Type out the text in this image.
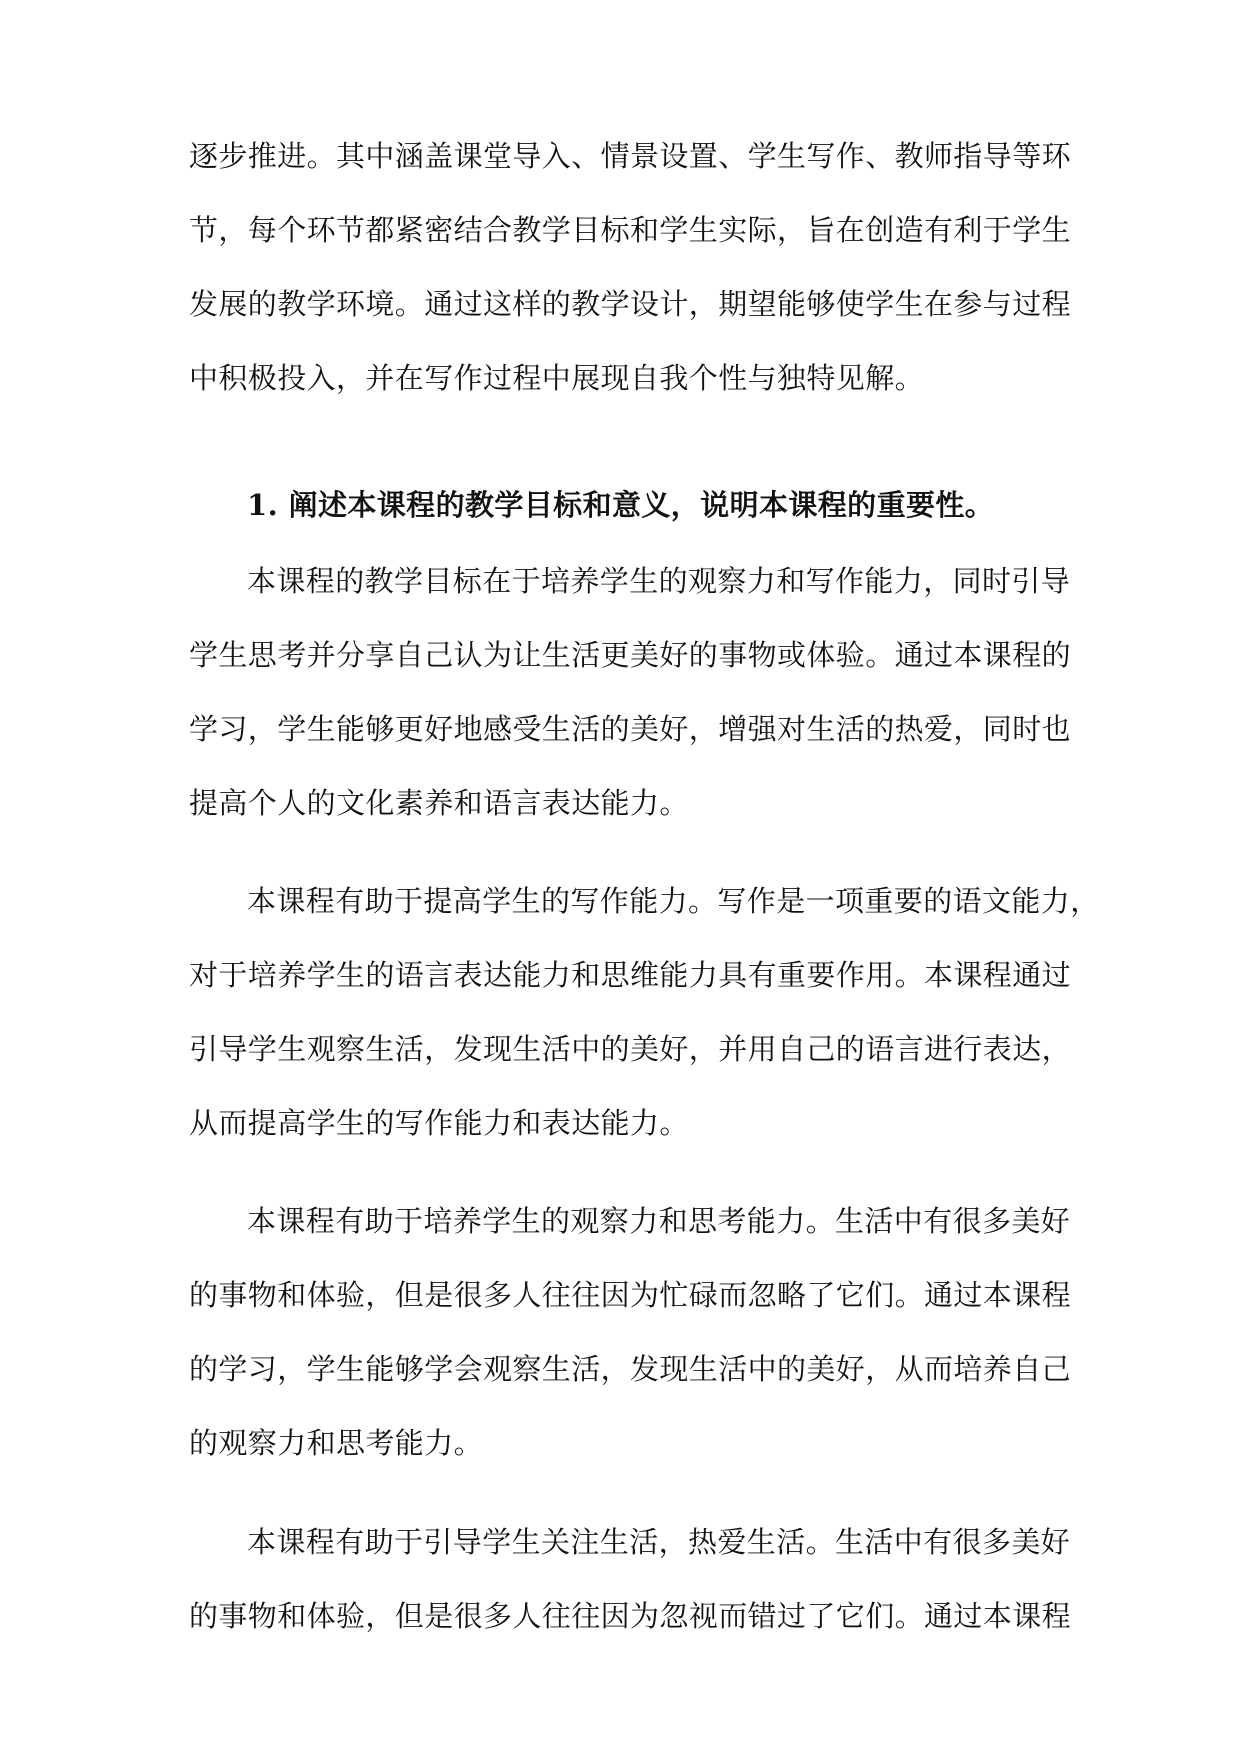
逐步推进。其中涵盖课堂导入、情景设置、学生写作、教师指导等环
节，每个环节都紧密结合教学目标和学生实际，旨在创造有利于学生
发展的教学环境。通过这样的教学设计，期望能够使学生在参与过程
中积极投入，并在写作过程中展现自我个性与独特见解。
1. 阐述本课程的教学目标和意义，说明本课程的重要性。
本课程的教学目标在于培养学生的观察力和写作能力，同时引导
学生思考并分享自己认为让生活更美好的事物或体验。通过本课程的
学习，学生能够更好地感受生活的美好，增强对生活的热爱，同时也
提高个人的文化素养和语言表达能力。
本课程有助于提高学生的写作能力。写作是一项重要的语文能力，
对于培养学生的语言表达能力和思维能力具有重要作用。本课程通过
引导学生观察生活，发现生活中的美好，并用自己的语言进行表达，
从而提高学生的写作能力和表达能力。
本课程有助于培养学生的观察力和思考能力。生活中有很多美好
的事物和体验，但是很多人往往因为忙碌而忽略了它们。通过本课程
的学习，学生能够学会观察生活，发现生活中的美好，从而培养自己
的观察力和思考能力。
本课程有助于引导学生关注生活，热爱生活。生活中有很多美好
的事物和体验，但是很多人往往因为忽视而错过了它们。通过本课程
